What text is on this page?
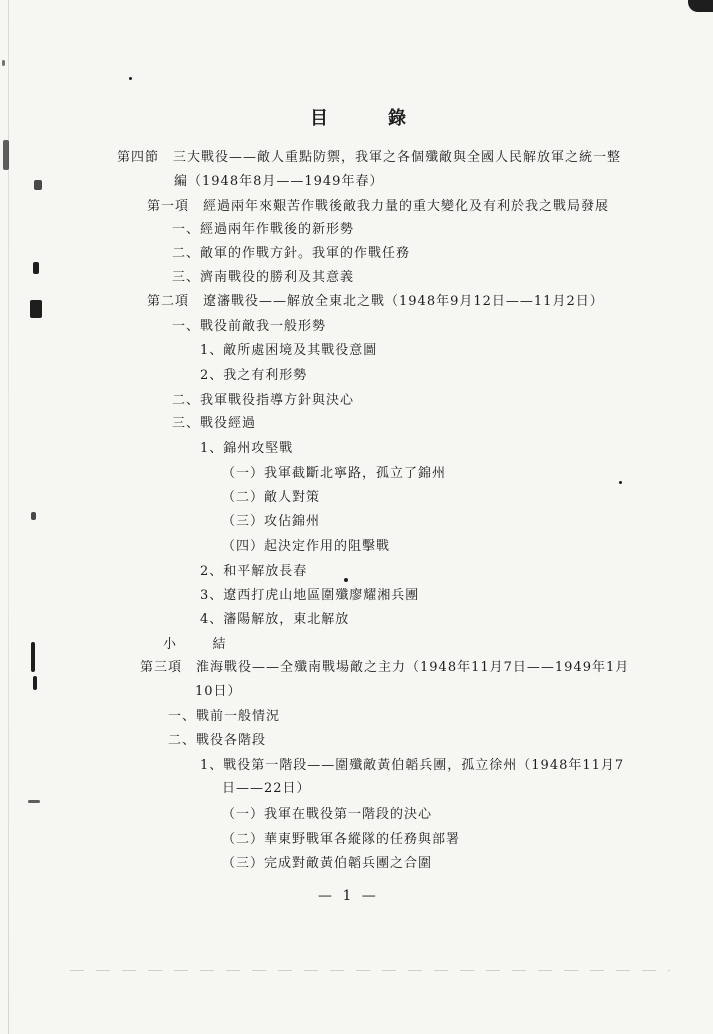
目　　錄
第四節　三大戰役——敵人重點防禦，我軍之各個殲敵與全國人民解放軍之統一整
編（1948年8月——1949年春）
第一項　經過兩年來艱苦作戰後敵我力量的重大變化及有利於我之戰局發展
一、經過兩年作戰後的新形勢
二、敵軍的作戰方針。我軍的作戰任務
三、濟南戰役的勝利及其意義
第二項　遼瀋戰役——解放全東北之戰（1948年9月12日——11月2日）
一、戰役前敵我一般形勢
1、敵所處困境及其戰役意圖
2、我之有利形勢
二、我軍戰役指導方針與決心
三、戰役經過
1、錦州攻堅戰
（一）我軍截斷北寧路，孤立了錦州
（二）敵人對策
（三）攻佔錦州
（四）起決定作用的阻擊戰
2、和平解放長春
3、遼西打虎山地區圍殲廖耀湘兵團
4、瀋陽解放，東北解放
小　　結
第三項　淮海戰役——全殲南戰場敵之主力（1948年11月7日——1949年1月
10日）
一、戰前一般情況
二、戰役各階段
1、戰役第一階段——圍殲敵黃伯韜兵團，孤立徐州（1948年11月7
日——22日）
（一）我軍在戰役第一階段的決心
（二）華東野戰軍各縱隊的任務與部署
（三）完成對敵黃伯韜兵團之合圍
— 1 —
